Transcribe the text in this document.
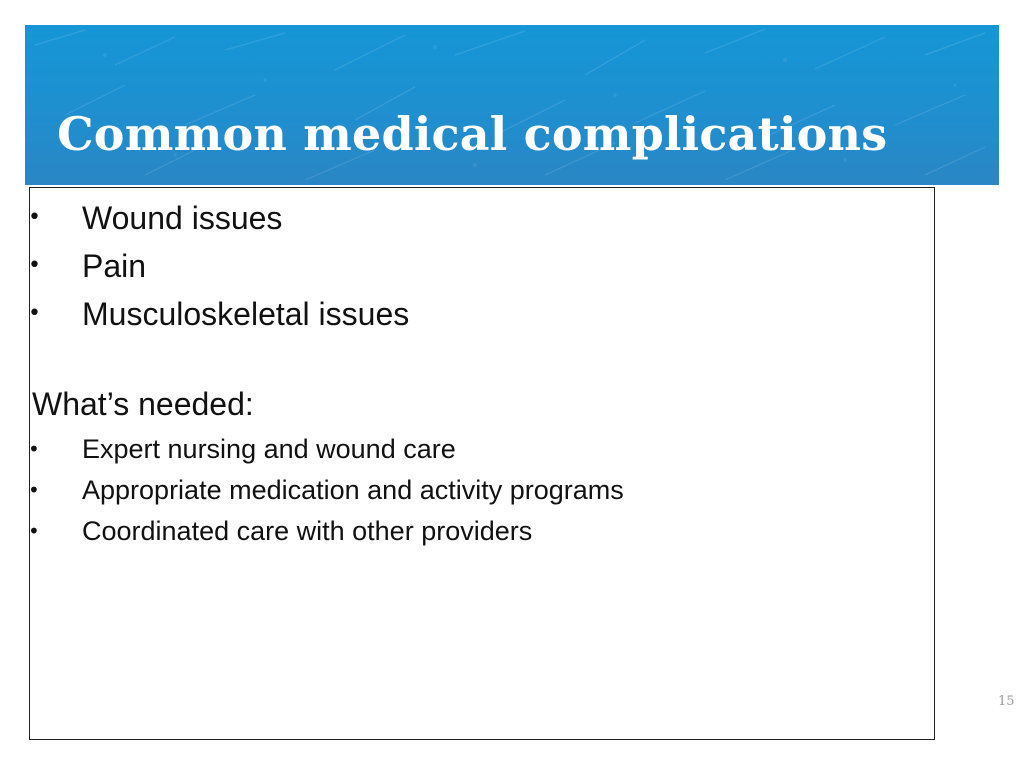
Common medical complications
• Wound issues
• Pain
• Musculoskeletal issues
What’s needed:
• Expert nursing and wound care
• Appropriate medication and activity programs
• Coordinated care with other providers
15
